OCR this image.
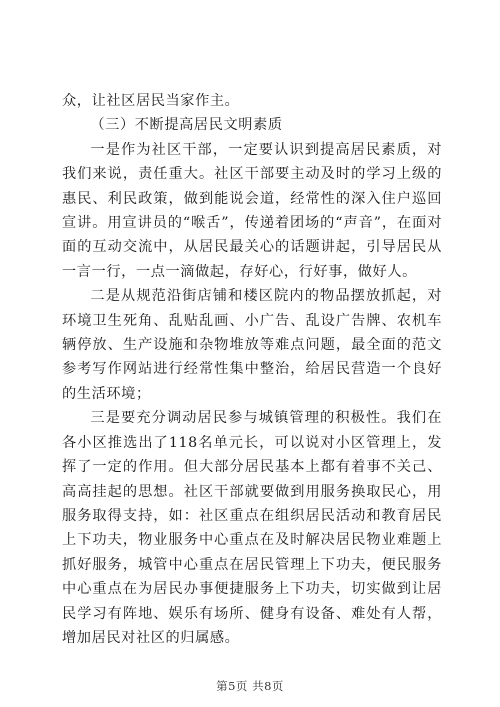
众，让社区居民当家作主。

（三）不断提高居民文明素质

一是作为社区干部，一定要认识到提高居民素质，对我们来说，责任重大。社区干部要主动及时的学习上级的惠民、利民政策，做到能说会道，经常性的深入住户巡回宣讲。用宣讲员的“喉舌”，传递着团场的“声音”，在面对面的互动交流中，从居民最关心的话题讲起，引导居民从一言一行，一点一滴做起，存好心，行好事，做好人。

二是从规范沿街店铺和楼区院内的物品摆放抓起，对环境卫生死角、乱贴乱画、小广告、乱设广告牌、农机车辆停放、生产设施和杂物堆放等难点问题，最全面的范文参考写作网站进行经常性集中整治，给居民营造一个良好的生活环境；

三是要充分调动居民参与城镇管理的积极性。我们在各小区推选出了118名单元长，可以说对小区管理上，发挥了一定的作用。但大部分居民基本上都有着事不关己、高高挂起的思想。社区干部就要做到用服务换取民心，用服务取得支持，如：社区重点在组织居民活动和教育居民上下功夫，物业服务中心重点在及时解决居民物业难题上抓好服务，城管中心重点在居民管理上下功夫，便民服务中心重点在为居民办事便捷服务上下功夫，切实做到让居民学习有阵地、娱乐有场所、健身有设备、难处有人帮，增加居民对社区的归属感。

第5页 共8页
